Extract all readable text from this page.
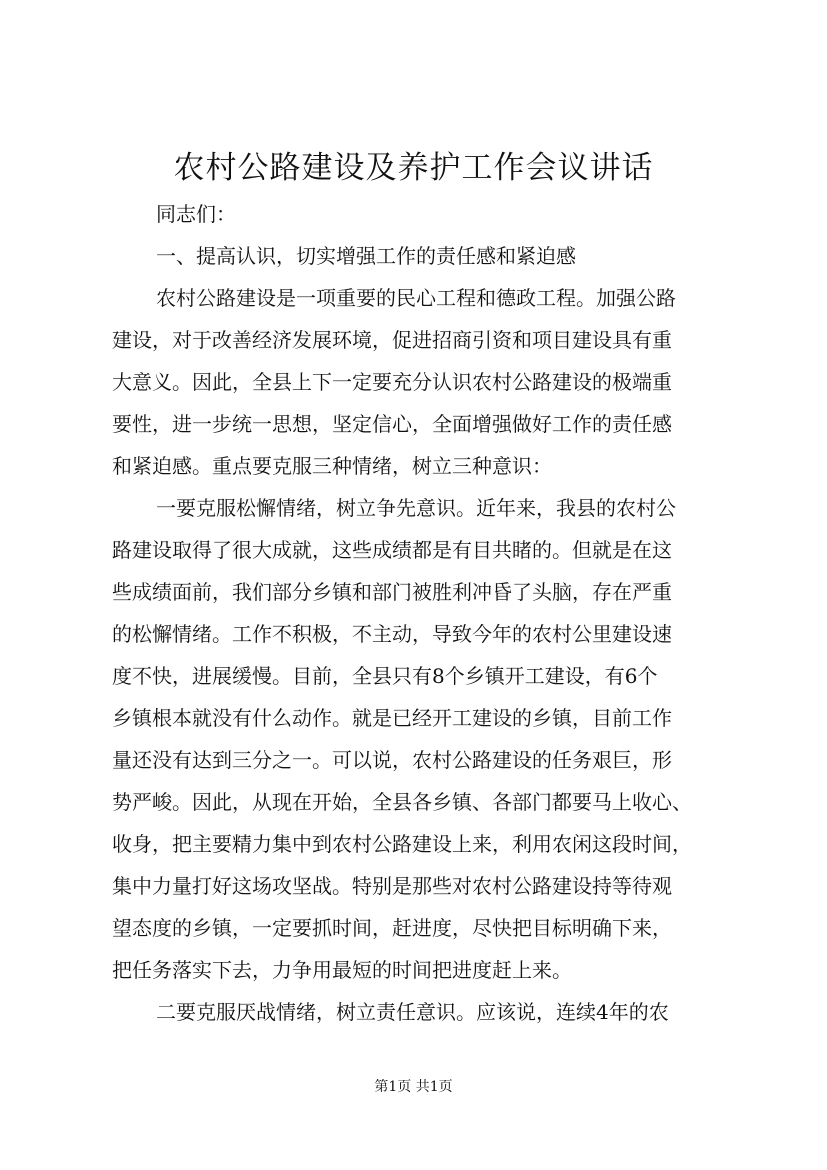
农村公路建设及养护工作会议讲话
同志们：
一、提高认识，切实增强工作的责任感和紧迫感
农村公路建设是一项重要的民心工程和德政工程。加强公路
建设，对于改善经济发展环境，促进招商引资和项目建设具有重
大意义。因此，全县上下一定要充分认识农村公路建设的极端重
要性，进一步统一思想，坚定信心，全面增强做好工作的责任感
和紧迫感。重点要克服三种情绪，树立三种意识：
一要克服松懈情绪，树立争先意识。近年来，我县的农村公
路建设取得了很大成就，这些成绩都是有目共睹的。但就是在这
些成绩面前，我们部分乡镇和部门被胜利冲昏了头脑，存在严重
的松懈情绪。工作不积极，不主动，导致今年的农村公里建设速
度不快，进展缓慢。目前，全县只有8个乡镇开工建设，有6个
乡镇根本就没有什么动作。就是已经开工建设的乡镇，目前工作
量还没有达到三分之一。可以说，农村公路建设的任务艰巨，形
势严峻。因此，从现在开始，全县各乡镇、各部门都要马上收心、
收身，把主要精力集中到农村公路建设上来，利用农闲这段时间，
集中力量打好这场攻坚战。特别是那些对农村公路建设持等待观
望态度的乡镇，一定要抓时间，赶进度，尽快把目标明确下来，
把任务落实下去，力争用最短的时间把进度赶上来。
二要克服厌战情绪，树立责任意识。应该说，连续4年的农
第1页 共1页
